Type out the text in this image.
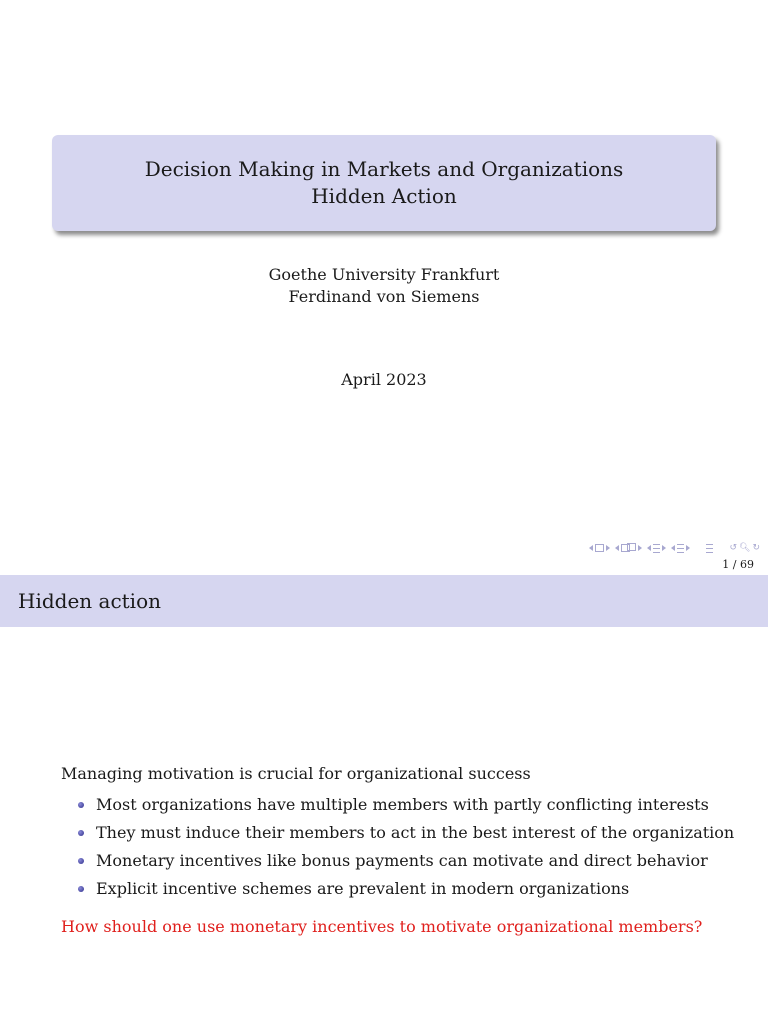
Decision Making in Markets and Organizations
Hidden Action
Goethe University Frankfurt
Ferdinand von Siemens
April 2023
↺ 🔍︎ ↻
1 / 69
Hidden action
Managing motivation is crucial for organizational success
Most organizations have multiple members with partly conflicting interests
They must induce their members to act in the best interest of the organization
Monetary incentives like bonus payments can motivate and direct behavior
Explicit incentive schemes are prevalent in modern organizations
How should one use monetary incentives to motivate organizational members?
